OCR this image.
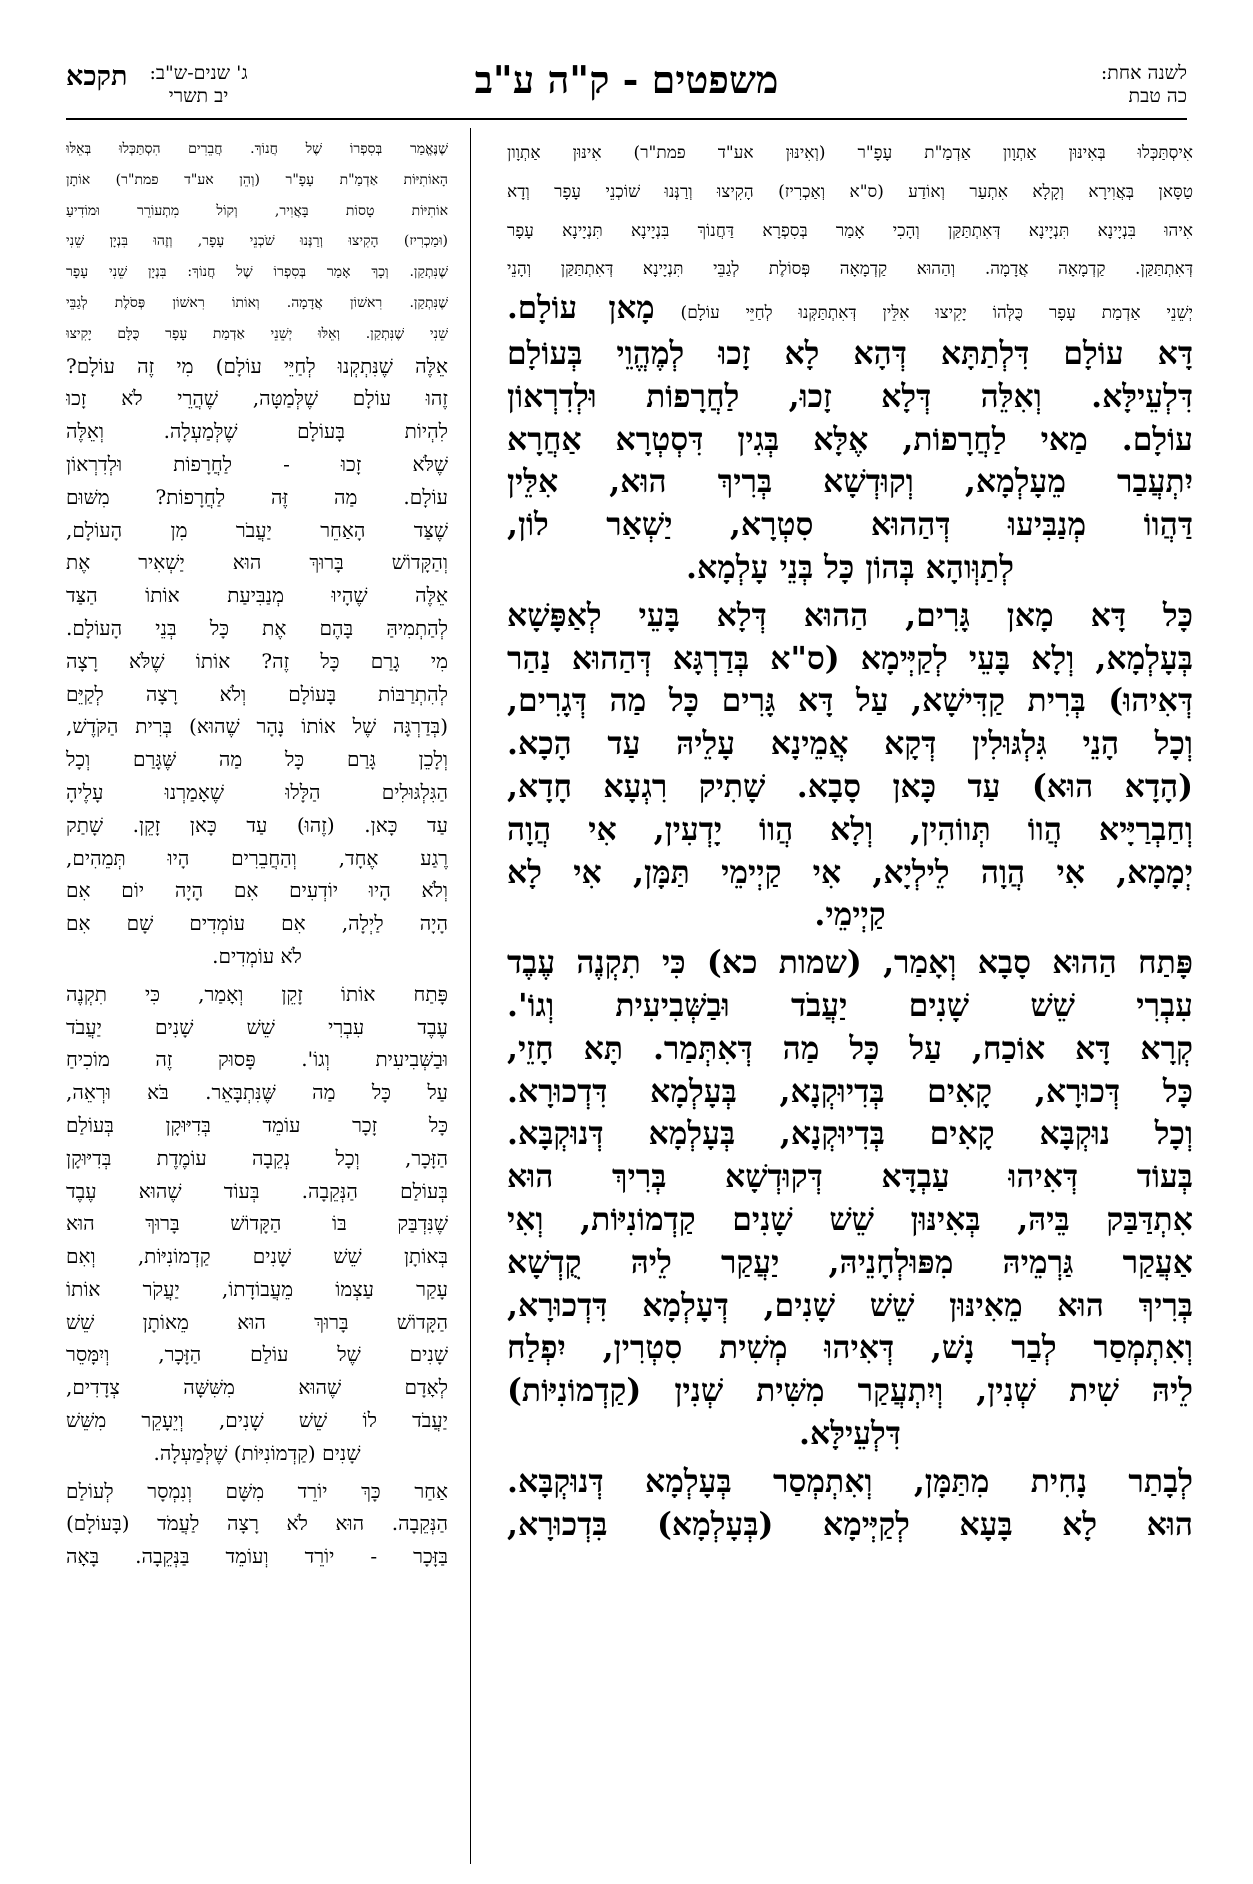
לשנה אחת:
כה טבת
משפטים - ק"ה ע"ב
ג' שנים-ש"ב:
יב תשרי
תקכא
אִיסְתַּכְּלוּ בְּאִינּוּן אַתְוָון אַדְמַ"ת עָפָ"ר (וְאִינּוּן אע"ד פמת"ר) אִינּוּן אַתְוָון
טַסָּאן בְּאֲוִירָא וְקָלָא אִתְעַר וְאוֹדַע (ס"א וְאַכְרִיז) הָקִיצוּ וְרַנְּנוּ שׁוֹכְנֵי עָפָר וְדָא
אִיהוּ בִּנְיָינָא תִּנְיָינָא דְּאִתְתַּקַּן וְהָכִי אָמַר בְּסִפְרָא דַּחֲנוֹךְ בִּנְיָינָא תִּנְיָינָא עָפָר
דְּאִתְתַּקַּן. קַדְמָאָה אֲדָמָה. וְהַהוּא קַדְמָאָה פְּסוֹלֶת לְגַבֵּי תִּנְיָינָא דְּאִתְתַּקַּן וְהָנֵי
יְשֵׁנֵי אַדְמַת עָפָר כֻּלְּהוֹ יָקִיצוּ אִלֵּין דְּאִתְתַּקְּנוּ לְחַיֵּי עוֹלָם) מָאן עוֹלָם.
דָּא עוֹלָם דִּלְתַתָּא דְּהָא לָא זָכוּ לְמֶהֱוֵי בְּעוֹלָם
דִּלְעֵילָּא. וְאִלֵּה דְּלָא זָכוּ, לַחֲרָפוֹת וּלְדִרְאוֹן
עוֹלָם. מַאי לַחֲרָפוֹת, אֶלָּא בְּגִין דִּסְטְרָא אַחֲרָא
יִתְעֲבַר מֵעָלְמָא, וְקוּדְשָׁא בְּרִיךְ הוּא, אִלֵּין
דַּהֲווֹ מְנַבִּיעוּ דְּהַהוּא סִטְרָא, יַשְׁאַר לוֹן,
לְתַוְּוהָא בְּהוֹן כָּל בְּנֵי עָלְמָא.
כָּל דָּא מָאן גָּרִים, הַהוּא דְּלָא בָּעֵי לְאַפָּשָׁא
בְּעָלְמָא, וְלָא בָּעֵי לְקַיְּימָא (ס"א בְּדַרְגָּא דְּהַהוּא נַהַר
דְּאִיהוּ) בְּרִית קַדִּישָׁא, עַל דָּא גָּרִים כָּל מַה דְּגָרִים,
וְכָל הָנֵי גִּלְגּוּלִין דְּקָא אֲמֵינָא עָלֵיהּ עַד הָכָא.
(הָדָא הוּא) עַד כָּאן סָבָא. שָׁתִיק רִגְעָא חָדָא,
וְחַבְרַיָּיא הֲווֹ תְּווֹהִין, וְלָא הֲווֹ יָדְעִין, אִי הֲוָה
יְמָמָא, אִי הֲוָה לֵילְיָא, אִי קַיְימֵי תַּמָּן, אִי לָא
קַיְימֵי.
פָּתַח הַהוּא סָבָא וְאָמַר, (שמות כא) כִּי תִקְנֶה עֶבֶד
עִבְרִי שֵׁשׁ שָׁנִים יַעֲבֹד וּבַשְּׁבִיעִית וְגוֹ'.
קְרָא דָּא אוֹכַח, עַל כָּל מַה דְּאִתְּמַר. תָּא חָזֵי,
כָּל דְּכוּרָא, קָאִים בְּדִיוּקְנָא, בְּעָלְמָא דִּדְכוּרָא.
וְכָל נוּקְבָּא קָאִים בְּדִיוּקְנָא, בְּעָלְמָא דְּנוּקְבָּא.
בְּעוֹד דְּאִיהוּ עַבְדָּא דְּקוּדְשָׁא בְּרִיךְ הוּא
אִתְדַּבַּק בֵּיהּ, בְּאִינּוּן שֵׁשׁ שָׁנִים קַדְמוֹנִיּוֹת, וְאִי
אַעֲקַר גַּרְמֵיהּ מִפּוּלְחָנֵיהּ, יַעֲקַר לֵיהּ קֻדְשָׁא
בְּרִיךְ הוּא מֵאִינּוּן שֵׁשׁ שָׁנִים, דְּעָלְמָא דִּדְכוּרָא,
וְאִתְמְסַר לְבַר נָשׁ, דְּאִיהוּ מְשִׁית סִטְרִין, יִפְלַח
לֵיהּ שִׁית שְׁנִין, וְיִתְעֲקַר מִשִּׁית שְׁנִין (קַדְמוֹנִיּוֹת)
דִּלְעֵילָּא.
לְבָתַר נָחִית מִתַּמָּן, וְאִתְמְסַר בְּעָלְמָא דְּנוּקְבָּא.
הוּא לָא בָּעָא לְקַיְּימָא (בְּעָלְמָא) בִּדְכוּרָא,
שֶׁנֶּאֱמַר בְּסִפְרוֹ שֶׁל חֲנוֹךְ. חֲבֵרִים הִסְתַּכְּלוּ בְּאֵלּוּ
הָאוֹתִיּוֹת אַדְמַ"ת עָפָ"ר (וְהֵן אע"ד פמת"ר) אוֹתָן
אוֹתִיּוֹת טָסוֹת בָּאֲוִיר, וְקוֹל מִתְעוֹרֵר וּמוֹדִיעַ
(וּמַכְרִיז) הָקִיצוּ וְרַנְּנוּ שֹׁכְנֵי עָפָר, וְזֶהוּ בִּנְיָן שֵׁנִי
שֶׁנִּתְקַן. וְכָךְ אָמַר בְּסִפְרוֹ שֶׁל חֲנוֹךְ: בִּנְיָן שֵׁנִי עָפָר
שֶׁנִּתְקַן. רִאשׁוֹן אֲדָמָה. וְאוֹתוֹ רִאשׁוֹן פְּסֹלֶת לְגַבֵּי
שֵׁנִי שֶׁנִּתְקַן. וְאֵלּוּ יְשֵׁנֵי אַדְמַת עָפָר כֻּלָּם יָקִיצוּ
אֵלֶּה שֶׁנִּתְקְנוּ לְחַיֵּי עוֹלָם) מִי זֶה עוֹלָם?
זֶהוּ עוֹלָם שֶׁלְּמַטָּה, שֶׁהֲרֵי לֹא זָכוּ
לִהְיוֹת בָּעוֹלָם שֶׁלְּמַעְלָה. וְאֵלֶּה
שֶׁלֹּא זָכוּ - לַחֲרָפוֹת וּלְדִרְאוֹן
עוֹלָם. מַה זֶּה לַחֲרָפוֹת? מִשּׁוּם
שֶׁצַּד הָאַחֵר יַעֲבֹר מִן הָעוֹלָם,
וְהַקָּדוֹשׁ בָּרוּךְ הוּא יַשְׁאִיר אֶת
אֵלֶּה שֶׁהָיוּ מְנַבִּיעַת אוֹתוֹ הַצַּד
לְהַתְמִיהַּ בָּהֶם אֶת כָּל בְּנֵי הָעוֹלָם.
מִי גָרַם כָּל זֶה? אוֹתוֹ שֶׁלֹּא רָצָה
לְהִתְרַבּוֹת בָּעוֹלָם וְלֹא רָצָה לְקַיֵּם
(בְּדַרְגָּה שֶׁל אוֹתוֹ נָהָר שֶׁהוּא) בְּרִית הַקֹּדֶשׁ,
וְלָכֵן גָּרַם כָּל מַה שֶּׁגָּרַם וְכָל
הַגִּלְגּוּלִים הַלָּלוּ שֶׁאָמַרְנוּ עָלֶיהָ
עַד כָּאן. (זֶהוּ) עַד כָּאן זָקֵן. שָׁתַק
רֶגַע אֶחָד, וְהַחֲבֵרִים הָיוּ תְּמֵהִים,
וְלֹא הָיוּ יוֹדְעִים אִם הָיָה יוֹם אִם
הָיָה לַיְלָה, אִם עוֹמְדִים שָׁם אִם
לֹא עוֹמְדִים.
פָּתַח אוֹתוֹ זָקֵן וְאָמַר, כִּי תִקְנֶה
עֶבֶד עִבְרִי שֵׁשׁ שָׁנִים יַעֲבֹד
וּבַשְּׁבִיעִית וְגוֹ'. פָּסוּק זֶה מוֹכִיחַ
עַל כָּל מַה שֶּׁנִּתְבָּאֵר. בֹּא וּרְאֵה,
כָּל זָכָר עוֹמֵד בְּדִיּוּקָן בְּעוֹלַם
הַזָּכָר, וְכָל נְקֵבָה עוֹמֶדֶת בְּדִיּוּקָן
בְּעוֹלַם הַנְּקֵבָה. בְּעוֹד שֶׁהוּא עֶבֶד
שֶׁנִּדְבַּק בּוֹ הַקָּדוֹשׁ בָּרוּךְ הוּא
בְּאוֹתָן שֵׁשׁ שָׁנִים קַדְמוֹנִיּוֹת, וְאִם
עָקַר עַצְמוֹ מֵעֲבוֹדָתוֹ, יַעֲקֹר אוֹתוֹ
הַקָּדוֹשׁ בָּרוּךְ הוּא מֵאוֹתָן שֵׁשׁ
שָׁנִים שֶׁל עוֹלַם הַזָּכָר, וְיִמָּסֵר
לְאָדָם שֶׁהוּא מִשִּׁשָּׁה צְדָדִים,
יַעֲבֹד לוֹ שֵׁשׁ שָׁנִים, וְיֵעָקֵר מִשֵּׁשׁ
שָׁנִים (קַדְמוֹנִיּוֹת) שֶׁלְּמַעְלָה.
אַחַר כָּךְ יוֹרֵד מִשָּׁם וְנִמְסָר לְעוֹלַם
הַנְּקֵבָה. הוּא לֹא רָצָה לַעֲמֹד (בָּעוֹלָם)
בַּזָּכָר - יוֹרֵד וְעוֹמֵד בַּנְּקֵבָה. בָּאָה
